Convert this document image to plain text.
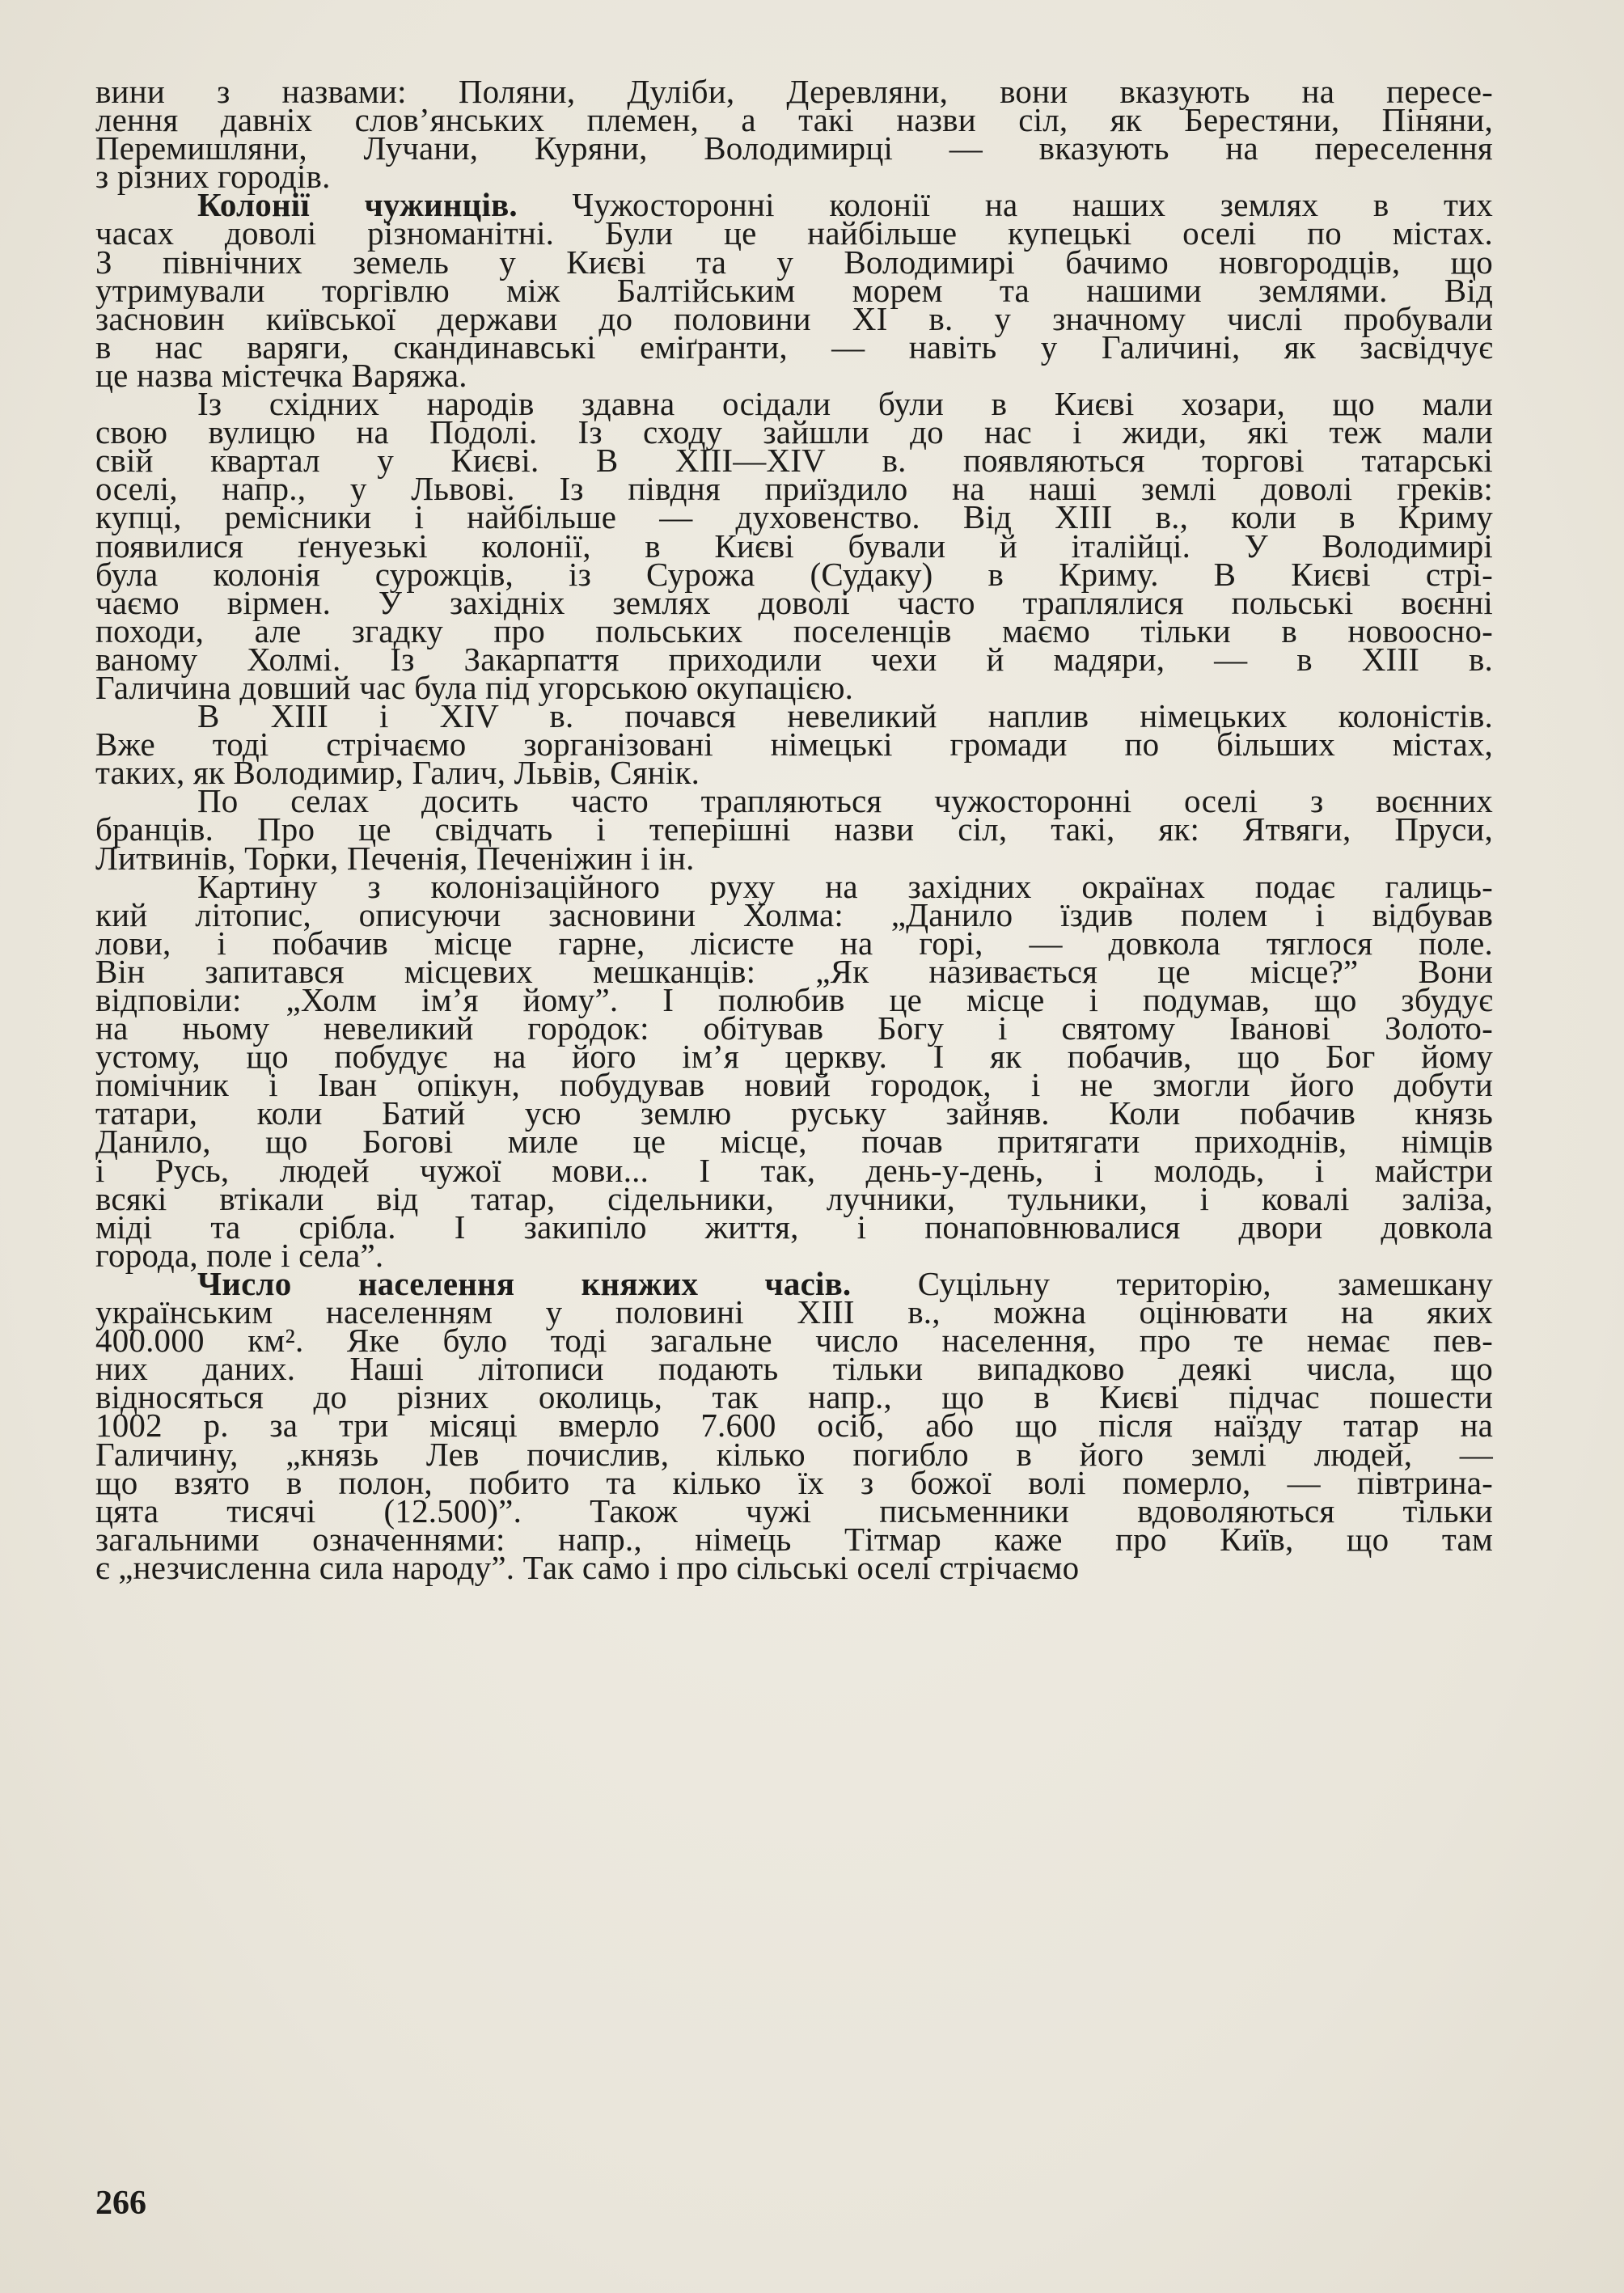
вини з назвами: Поляни, Дуліби, Деревляни, вони вказують на пересе-
лення давніх слов’янських племен, а такі назви сіл, як Берестяни, Піняни,
Перемишляни, Лучани, Куряни, Володимирці — вказують на переселення
з різних городів.
Колонії чужинців. Чужосторонні колонії на наших землях в тих
часах доволі різноманітні. Були це найбільше купецькі оселі по містах.
З північних земель у Києві та у Володимирі бачимо новгородців, що
утримували торгівлю між Балтійським морем та нашими землями. Від
засновин київської держави до половини XI в. у значному числі пробували
в нас варяги, скандинавські еміґранти, — навіть у Галичині, як засвідчує
це назва містечка Варяжа.
Із східних народів здавна осідали були в Києві хозари, що мали
свою вулицю на Подолі. Із сходу зайшли до нас і жиди, які теж мали
свій квартал у Києві. В XIII—XIV в. появляються торгові татарські
оселі, напр., у Львові. Із півдня приїздило на наші землі доволі греків:
купці, ремісники і найбільше — духовенство. Від XIII в., коли в Криму
появилися ґенуезькі колонії, в Києві бували й італійці. У Володимирі
була колонія сурожців, із Сурожа (Судаку) в Криму. В Києві стрі-
чаємо вірмен. У західніх землях доволі часто траплялися польські воєнні
походи, але згадку про польських поселенців маємо тільки в новоосно-
ваному Холмі. Із Закарпаття приходили чехи й мадяри, — в XIII в.
Галичина довший час була під угорською окупацією.
В XIII і XIV в. почався невеликий наплив німецьких колоністів.
Вже тоді стрічаємо зорганізовані німецькі громади по більших містах,
таких, як Володимир, Галич, Львів, Сянік.
По селах досить часто трапляються чужосторонні оселі з воєнних
бранців. Про це свідчать і теперішні назви сіл, такі, як: Ятвяги, Пруси,
Литвинів, Торки, Печенія, Печеніжин і ін.
Картину з колонізаційного руху на західних окраїнах подає галиць-
кий літопис, описуючи засновини Холма: „Данило їздив полем і відбував
лови, і побачив місце гарне, лісисте на горі, — довкола тяглося поле.
Він запитався місцевих мешканців: „Як називається це місце?” Вони
відповіли: „Холм ім’я йому”. І полюбив це місце і подумав, що збудує
на ньому невеликий городок: обітував Богу і святому Іванові Золото-
устому, що побудує на його ім’я церкву. І як побачив, що Бог йому
помічник і Іван опікун, побудував новий городок, і не змогли його добути
татари, коли Батий усю землю руську зайняв. Коли побачив князь
Данило, що Богові миле це місце, почав притягати приходнів, німців
і Русь, людей чужої мови... І так, день-у-день, і молодь, і майстри
всякі втікали від татар, сідельники, лучники, тульники, і ковалі заліза,
міді та срібла. І закипіло життя, і понаповнювалися двори довкола
города, поле і села”.
Число населення княжих часів. Суцільну територію, замешкану
українським населенням у половині XIII в., можна оцінювати на яких
400.000 км². Яке було тоді загальне число населення, про те немає пев-
них даних. Наші літописи подають тільки випадково деякі числа, що
відносяться до різних околиць, так напр., що в Києві підчас пошести
1002 р. за три місяці вмерло 7.600 осіб, або що після наїзду татар на
Галичину, „князь Лев почислив, кілько погибло в його землі людей, —
що взято в полон, побито та кілько їх з божої волі померло, — півтрина-
цята тисячі (12.500)”. Також чужі письменники вдоволяються тільки
загальними означеннями: напр., німець Тітмар каже про Київ, що там
є „незчисленна сила народу”. Так само і про сільські оселі стрічаємо
266
